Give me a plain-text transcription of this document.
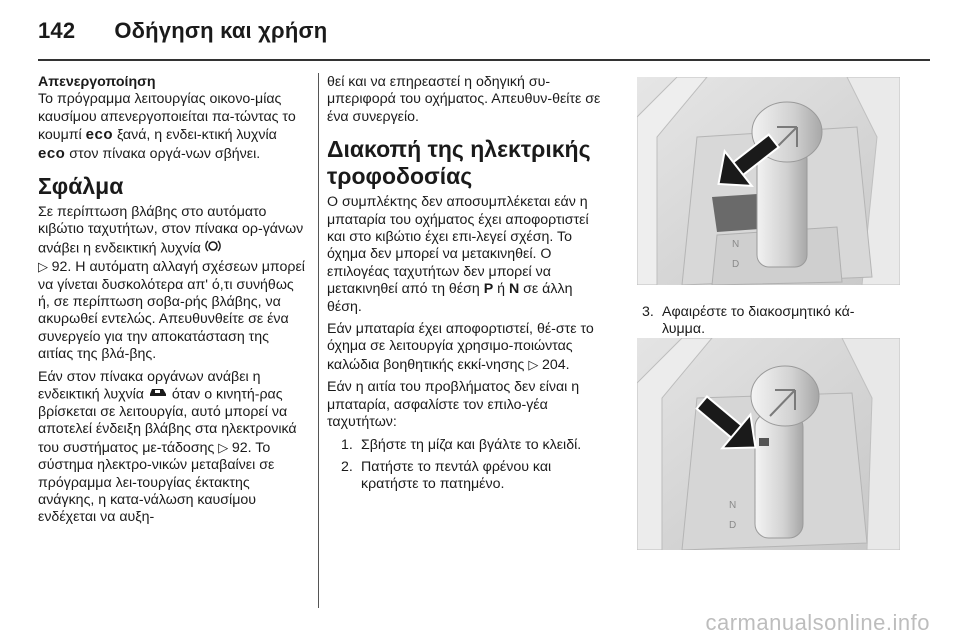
142 Οδήγηση και χρήση
Απενεργοποίηση

Το πρόγραμμα λειτουργίας οικονο-μίας καυσίμου απενεργοποιείται πα-τώντας το κουμπί eco ξανά, η ενδει-κτική λυχνία eco στον πίνακα οργά-νων σβήνει.

Σφάλμα

Σε περίπτωση βλάβης στο αυτόματο κιβώτιο ταχυτήτων, στον πίνακα ορ-γάνων ανάβει η ενδεικτική λυχνία
▷ 92. Η αυτόματη αλλαγή σχέσεων μπορεί να γίνεται δυσκολότερα απ' ό,τι συνήθως ή, σε περίπτωση σοβα-ρής βλάβης, να ακυρωθεί εντελώς. Απευθυνθείτε σε ένα συνεργείο για την αποκατάσταση της αιτίας της βλά-βης.

Εάν στον πίνακα οργάνων ανάβει η ενδεικτική λυχνία  όταν ο κινητή-ρας βρίσκεται σε λειτουργία, αυτό μπορεί να αποτελεί ένδειξη βλάβης στα ηλεκτρονικά του συστήματος με-τάδοσης ▷ 92. Το σύστημα ηλεκτρο-νικών μεταβαίνει σε πρόγραμμα λει-τουργίας έκτακτης ανάγκης, η κατα-νάλωση καυσίμου ενδέχεται να αυξη-

θεί και να επηρεαστεί η οδηγική συ-μπεριφορά του οχήματος. Απευθυν-θείτε σε ένα συνεργείο.

Διακοπή της ηλεκτρικής τροφοδοσίας

Ο συμπλέκτης δεν αποσυμπλέκεται εάν η μπαταρία του οχήματος έχει αποφορτιστεί και στο κιβώτιο έχει επι-λεγεί σχέση. Το όχημα δεν μπορεί να μετακινηθεί. Ο επιλογέας ταχυτήτων δεν μπορεί να μετακινηθεί από τη θέση P ή N σε άλλη θέση.

Εάν μπαταρία έχει αποφορτιστεί, θέ-στε το όχημα σε λειτουργία χρησιμο-ποιώντας καλώδια βοηθητικής εκκί-νησης ▷ 204.

Εάν η αιτία του προβλήματος δεν είναι η μπαταρία, ασφαλίστε τον επιλο-γέα ταχυτήτων:

1. Σβήστε τη μίζα και βγάλτε το κλειδί.
2. Πατήστε το πεντάλ φρένου και κρατήστε το πατημένο.
D
N
3. Αφαιρέστε το διακοσμητικό κά-
λυμμα.
N
D
carmanualsonline.info
